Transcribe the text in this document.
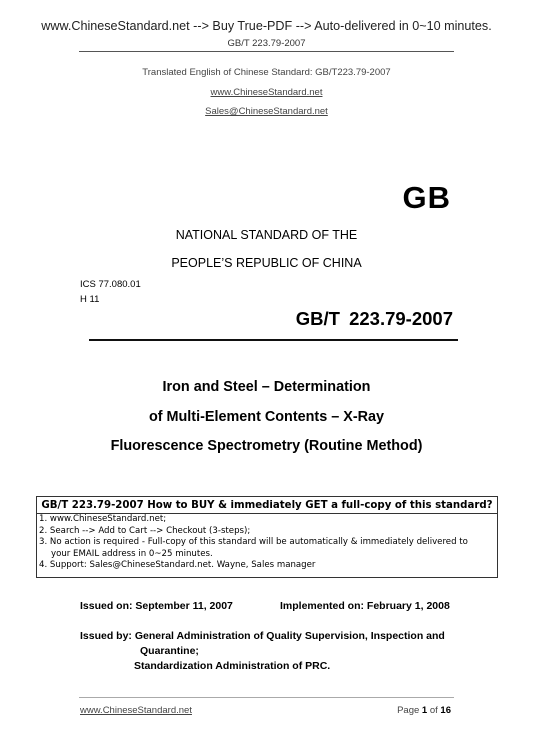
www.ChineseStandard.net --> Buy True-PDF --> Auto-delivered in 0~10 minutes.
GB/T 223.79-2007
Translated English of Chinese Standard: GB/T223.79-2007
www.ChineseStandard.net
Sales@ChineseStandard.net
GB
NATIONAL STANDARD OF THE
PEOPLE’S REPUBLIC OF CHINA
ICS 77.080.01
H 11
GB/T 223.79-2007
Iron and Steel – Determination
of Multi-Element Contents – X-Ray
Fluorescence Spectrometry (Routine Method)
GB/T 223.79-2007 How to BUY & immediately GET a full-copy of this standard?
1. www.ChineseStandard.net;
2. Search --> Add to Cart --> Checkout (3-steps);
3. No action is required - Full-copy of this standard will be automatically & immediately delivered to
your EMAIL address in 0~25 minutes.
4. Support: Sales@ChineseStandard.net. Wayne, Sales manager
Issued on: September 11, 2007	Implemented on: February 1, 2008
Issued by: General Administration of Quality Supervision, Inspection and
Quarantine;
Standardization Administration of PRC.
www.ChineseStandard.net	Page 1 of 16
